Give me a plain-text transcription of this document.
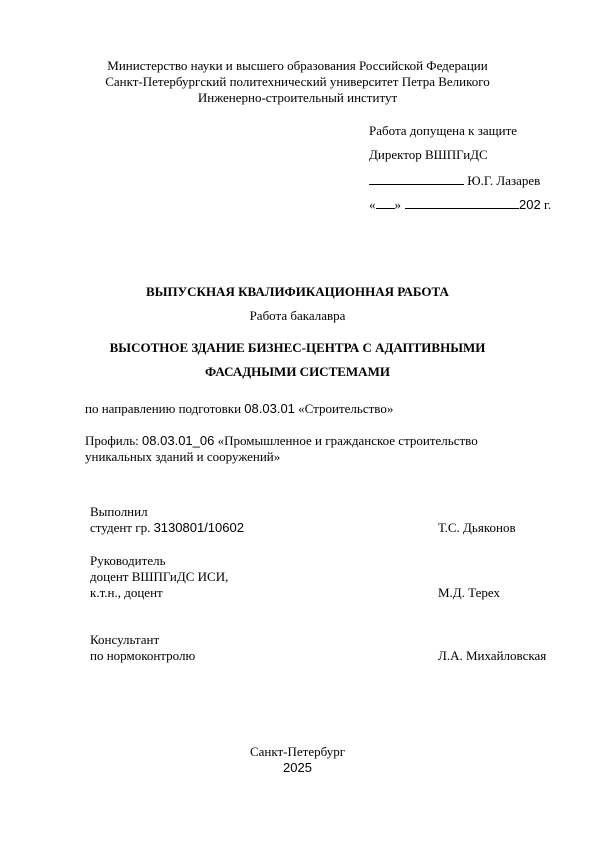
Министерство науки и высшего образования Российской Федерации
Санкт-Петербургский политехнический университет Петра Великого
Инженерно-строительный институт
Работа допущена к защите
Директор ВШПГиДС
Ю.Г. Лазарев
« »	202 г.
ВЫПУСКНАЯ КВАЛИФИКАЦИОННАЯ РАБОТА
Работа бакалавра
ВЫСОТНОЕ ЗДАНИЕ БИЗНЕС-ЦЕНТРА С АДАПТИВНЫМИ
ФАСАДНЫМИ СИСТЕМАМИ
по направлению подготовки 08.03.01 «Строительство»
Профиль: 08.03.01_06 «Промышленное и гражданское строительство
уникальных зданий и сооружений»
Выполнил
студент гр. 3130801/10602	Т.С. Дьяконов
Руководитель
доцент ВШПГиДС ИСИ,
к.т.н., доцент	М.Д. Терех
Консультант
по нормоконтролю	Л.А. Михайловская
Санкт-Петербург
2025
